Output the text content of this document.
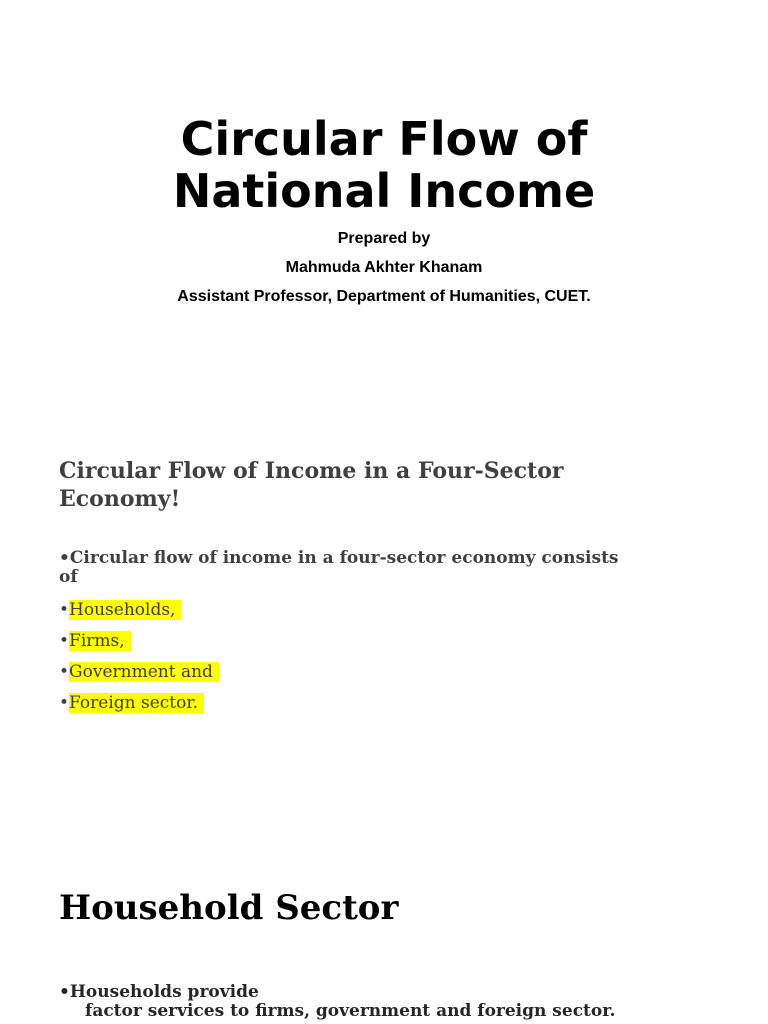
Circular Flow of
National Income

Prepared by

Mahmuda Akhter Khanam

Assistant Professor, Department of Humanities, CUET.

Circular Flow of Income in a Four-Sector
Economy!

•Circular flow of income in a four-sector economy consists
of

•Households,
•Firms,
•Government and
•Foreign sector.
Household Sector

•Households provide
factor services to firms, government and foreign sector.
